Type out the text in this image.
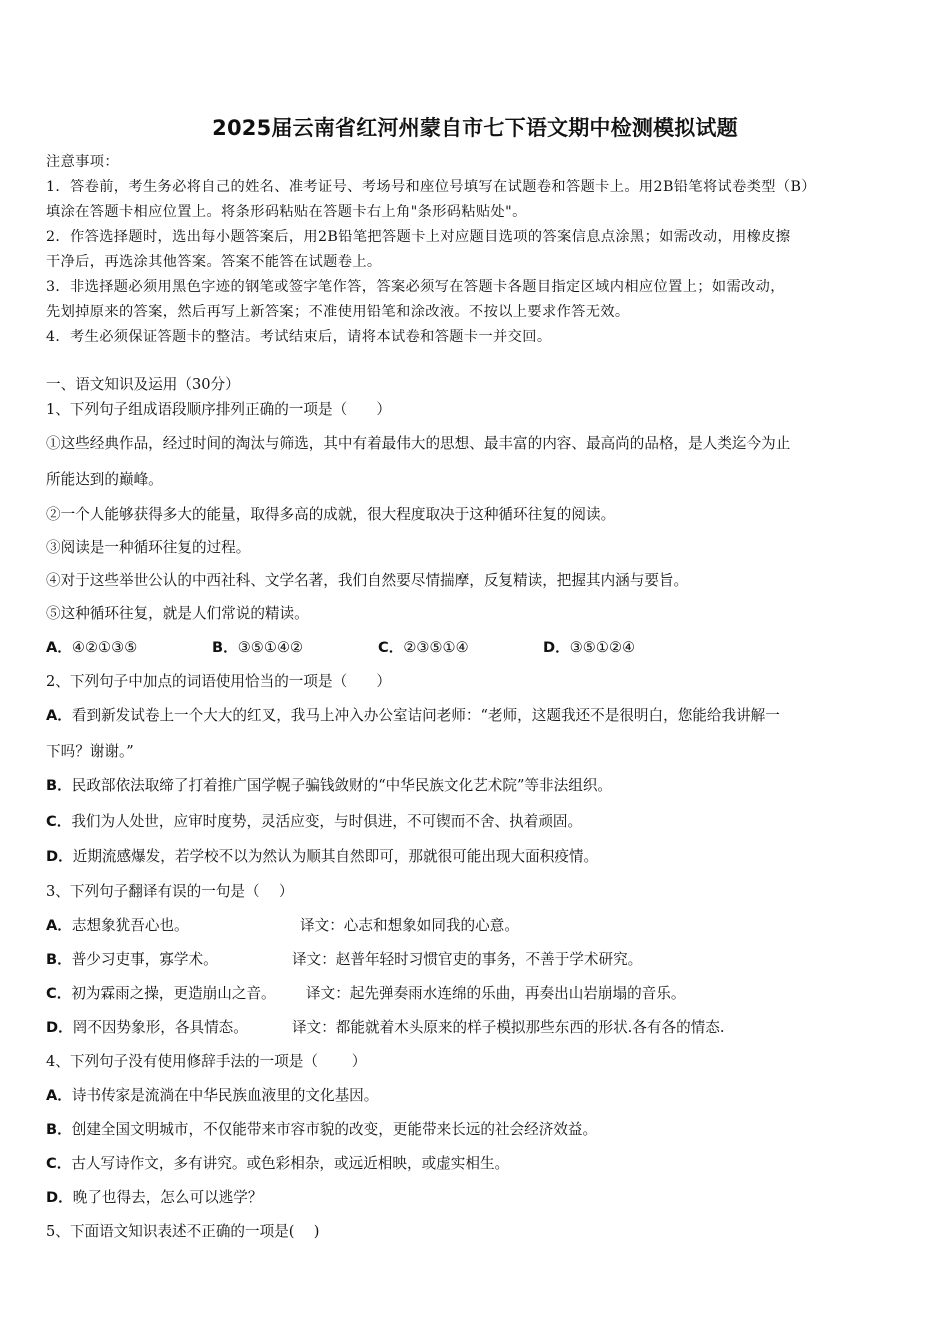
2025届云南省红河州蒙自市七下语文期中检测模拟试题
注意事项：
1．答卷前，考生务必将自己的姓名、准考证号、考场号和座位号填写在试题卷和答题卡上。用2B铅笔将试卷类型（B）
填涂在答题卡相应位置上。将条形码粘贴在答题卡右上角"条形码粘贴处"。
2．作答选择题时，选出每小题答案后，用2B铅笔把答题卡上对应题目选项的答案信息点涂黑；如需改动，用橡皮擦
干净后，再选涂其他答案。答案不能答在试题卷上。
3．非选择题必须用黑色字迹的钢笔或签字笔作答，答案必须写在答题卡各题目指定区域内相应位置上；如需改动，
先划掉原来的答案，然后再写上新答案；不准使用铅笔和涂改液。不按以上要求作答无效。
4．考生必须保证答题卡的整洁。考试结束后，请将本试卷和答题卡一并交回。
一、语文知识及运用（30分）
1、下列句子组成语段顺序排列正确的一项是（　　）
①这些经典作品，经过时间的淘汰与筛选，其中有着最伟大的思想、最丰富的内容、最高尚的品格，是人类迄今为止
所能达到的巅峰。
②一个人能够获得多大的能量，取得多高的成就，很大程度取决于这种循环往复的阅读。
③阅读是一种循环往复的过程。
④对于这些举世公认的中西社科、文学名著，我们自然要尽情揣摩，反复精读，把握其内涵与要旨。
⑤这种循环往复，就是人们常说的精读。
A．④②①③⑤	B．③⑤①④②	C．②③⑤①④	D．③⑤①②④
2、下列句子中加点的词语使用恰当的一项是（　　）
A．看到新发试卷上一个大大的红叉，我马上冲入办公室诘问老师：“老师，这题我还不是很明白，您能给我讲解一
下吗？谢谢。”
B．民政部依法取缔了打着推广国学幌子骗钱敛财的“中华民族文化艺术院”等非法组织。
C．我们为人处世，应审时度势，灵活应变，与时俱进，不可锲而不舍、执着顽固。
D．近期流感爆发，若学校不以为然认为顺其自然即可，那就很可能出现大面积疫情。
3、下列句子翻译有误的一句是（　 ）
A．志想象犹吾心也。	译文：心志和想象如同我的心意。
B．普少习吏事，寡学术。	译文：赵普年轻时习惯官吏的事务，不善于学术研究。
C．初为霖雨之操，更造崩山之音。 译文：起先弹奏雨水连绵的乐曲，再奏出山岩崩塌的音乐。
D．罔不因势象形，各具情态。	译文：都能就着木头原来的样子模拟那些东西的形状.各有各的情态.
4、下列句子没有使用修辞手法的一项是（　 　）
A．诗书传家是流淌在中华民族血液里的文化基因。
B．创建全国文明城市，不仅能带来市容市貌的改变，更能带来长远的社会经济效益。
C．古人写诗作文，多有讲究。或色彩相杂，或远近相映，或虚实相生。
D．晚了也得去，怎么可以逃学？
5、下面语文知识表述不正确的一项是(　 )
